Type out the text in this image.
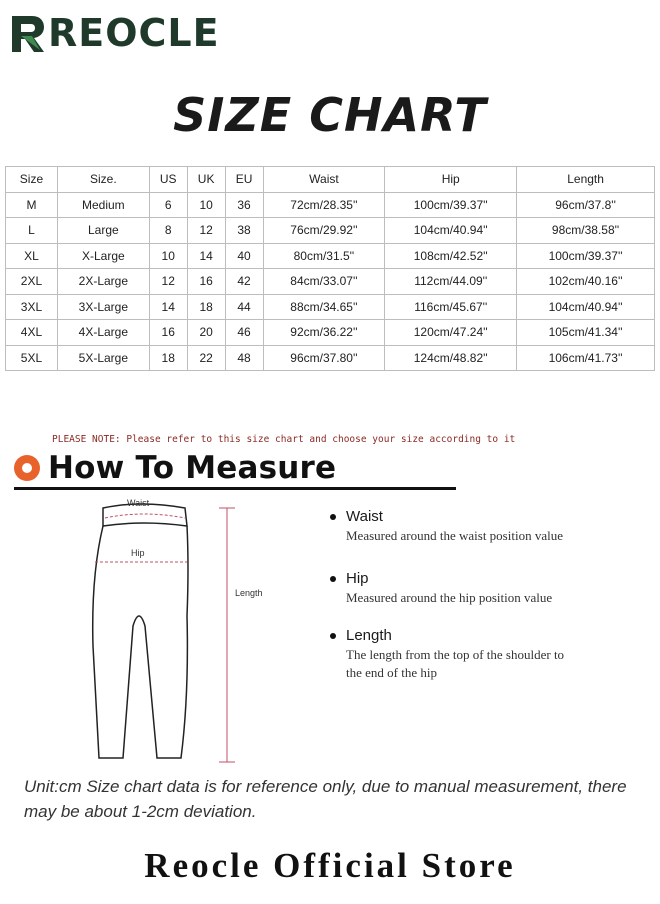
REOCLE
SIZE CHART
Size	Size.	US	UK	EU	Waist	Hip	Length
M	Medium	6	10	36	72cm/28.35''	100cm/39.37''	96cm/37.8''
L	Large	8	12	38	76cm/29.92''	104cm/40.94''	98cm/38.58''
XL	X-Large	10	14	40	80cm/31.5''	108cm/42.52''	100cm/39.37''
2XL	2X-Large	12	16	42	84cm/33.07''	112cm/44.09''	102cm/40.16''
3XL	3X-Large	14	18	44	88cm/34.65''	116cm/45.67''	104cm/40.94''
4XL	4X-Large	16	20	46	92cm/36.22''	120cm/47.24''	105cm/41.34''
5XL	5X-Large	18	22	48	96cm/37.80''	124cm/48.82''	106cm/41.73''
PLEASE NOTE: Please refer to this size chart and choose your size according to it
How To Measure
Waist
Hip
Length
Waist
Measured around the waist position value
Hip
Measured around the hip position value
Length
The length from the top of the shoulder to
the end of the hip
Unit:cm Size chart data is for reference only, due to manual measurement, there may be about 1-2cm deviation.
Reocle Official Store
